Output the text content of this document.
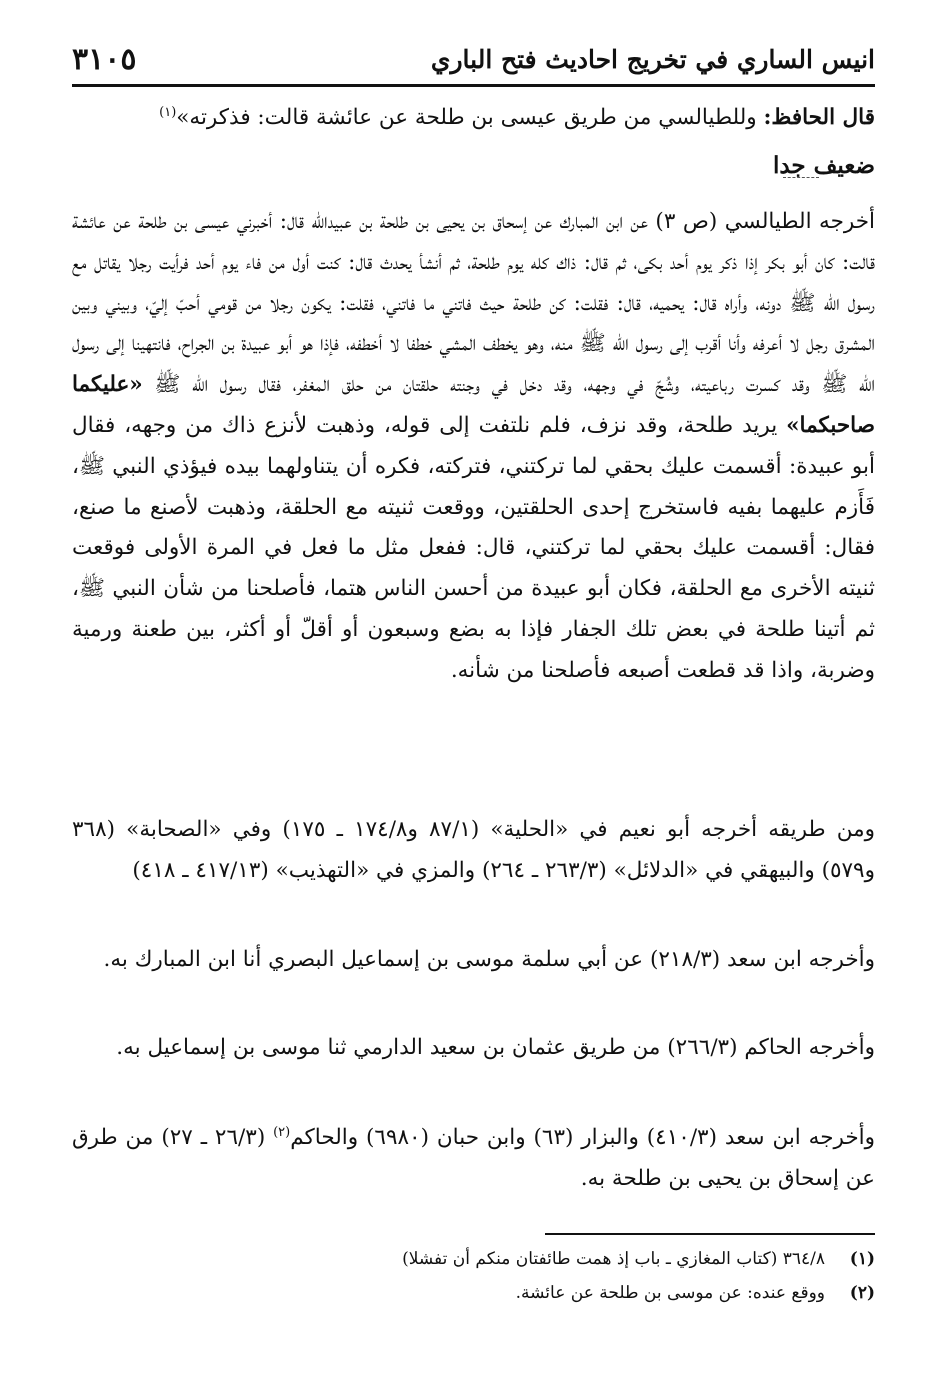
انيس الساري في تخريج احاديث فتح الباري
٣١٠٥
قال الحافظ: وللطيالسي من طريق عيسى بن طلحة عن عائشة قالت: فذكرته»$^{(١)}$
ضعيف جدا
أخرجه الطيالسي (ص ٣) عن ابن المبارك عن إسحاق بن يحيى بن طلحة بن عبيدالله قال: أخبرني عيسى بن طلحة عن عائشة قالت: كان أبو بكر إذا ذكر يوم أحد بكى، ثم قال: ذاك كله يوم طلحة، ثم أنشأ يحدث قال: كنت أول من فاء يوم أحد فرأيت رجلا يقاتل مع رسول الله ﷺ دونه، وأراه قال: يحميه، قال: فقلت: كن طلحة حيث فاتني ما فاتني، فقلت: يكون رجلا من قومي أحبّ إليّ، وبيني وبين المشرق رجل لا أعرفه وأنا أقرب إلى رسول الله ﷺ منه، وهو يخطف المشي خطفا لا أخطفه، فإذا هو أبو عبيدة بن الجراح، فانتهينا إلى رسول الله ﷺ وقد كسرت رباعيته، وشُجّ في وجهه، وقد دخل في وجنته حلقتان من حلق المغفر، فقال رسول الله ﷺ «عليكما صاحبكما» يريد طلحة، وقد نزف، فلم نلتفت إلى قوله، وذهبت لأنزع ذاك من وجهه، فقال أبو عبيدة: أقسمت عليك بحقي لما تركتني، فتركته، فكره أن يتناولهما بيده فيؤذي النبي ﷺ، فَأَزم عليهما بفيه فاستخرج إحدى الحلقتين، ووقعت ثنيته مع الحلقة، وذهبت لأصنع ما صنع، فقال: أقسمت عليك بحقي لما تركتني، قال: ففعل مثل ما فعل في المرة الأولى فوقعت ثنيته الأخرى مع الحلقة، فكان أبو عبيدة من أحسن الناس هتما، فأصلحنا من شأن النبي ﷺ، ثم أتينا طلحة في بعض تلك الجفار فإذا به بضع وسبعون أو أقلّ أو أكثر، بين طعنة ورمية وضربة، واذا قد قطعت أصبعه فأصلحنا من شأنه.
ومن طريقه أخرجه أبو نعيم في «الحلية» (٨٧/١ و١٧٤/٨ ـ ١٧٥) وفي «الصحابة» (٣٦٨ و٥٧٩) والبيهقي في «الدلائل» (٢٦٣/٣ ـ ٢٦٤) والمزي في «التهذيب» (٤١٧/١٣ ـ ٤١٨)
وأخرجه ابن سعد (٢١٨/٣) عن أبي سلمة موسى بن إسماعيل البصري أنا ابن المبارك به.
وأخرجه الحاكم (٢٦٦/٣) من طريق عثمان بن سعيد الدارمي ثنا موسى بن إسماعيل به.
وأخرجه ابن سعد (٤١٠/٣) والبزار (٦٣) وابن حبان (٦٩٨٠) والحاكم$^{(٢)}$ (٢٦/٣ ـ ٢٧) من طرق عن إسحاق بن يحيى بن طلحة به.
(١)
٣٦٤/٨ (كتاب المغازي ـ باب إذ همت طائفتان منكم أن تفشلا)
(٢)
ووقع عنده: عن موسى بن طلحة عن عائشة.
